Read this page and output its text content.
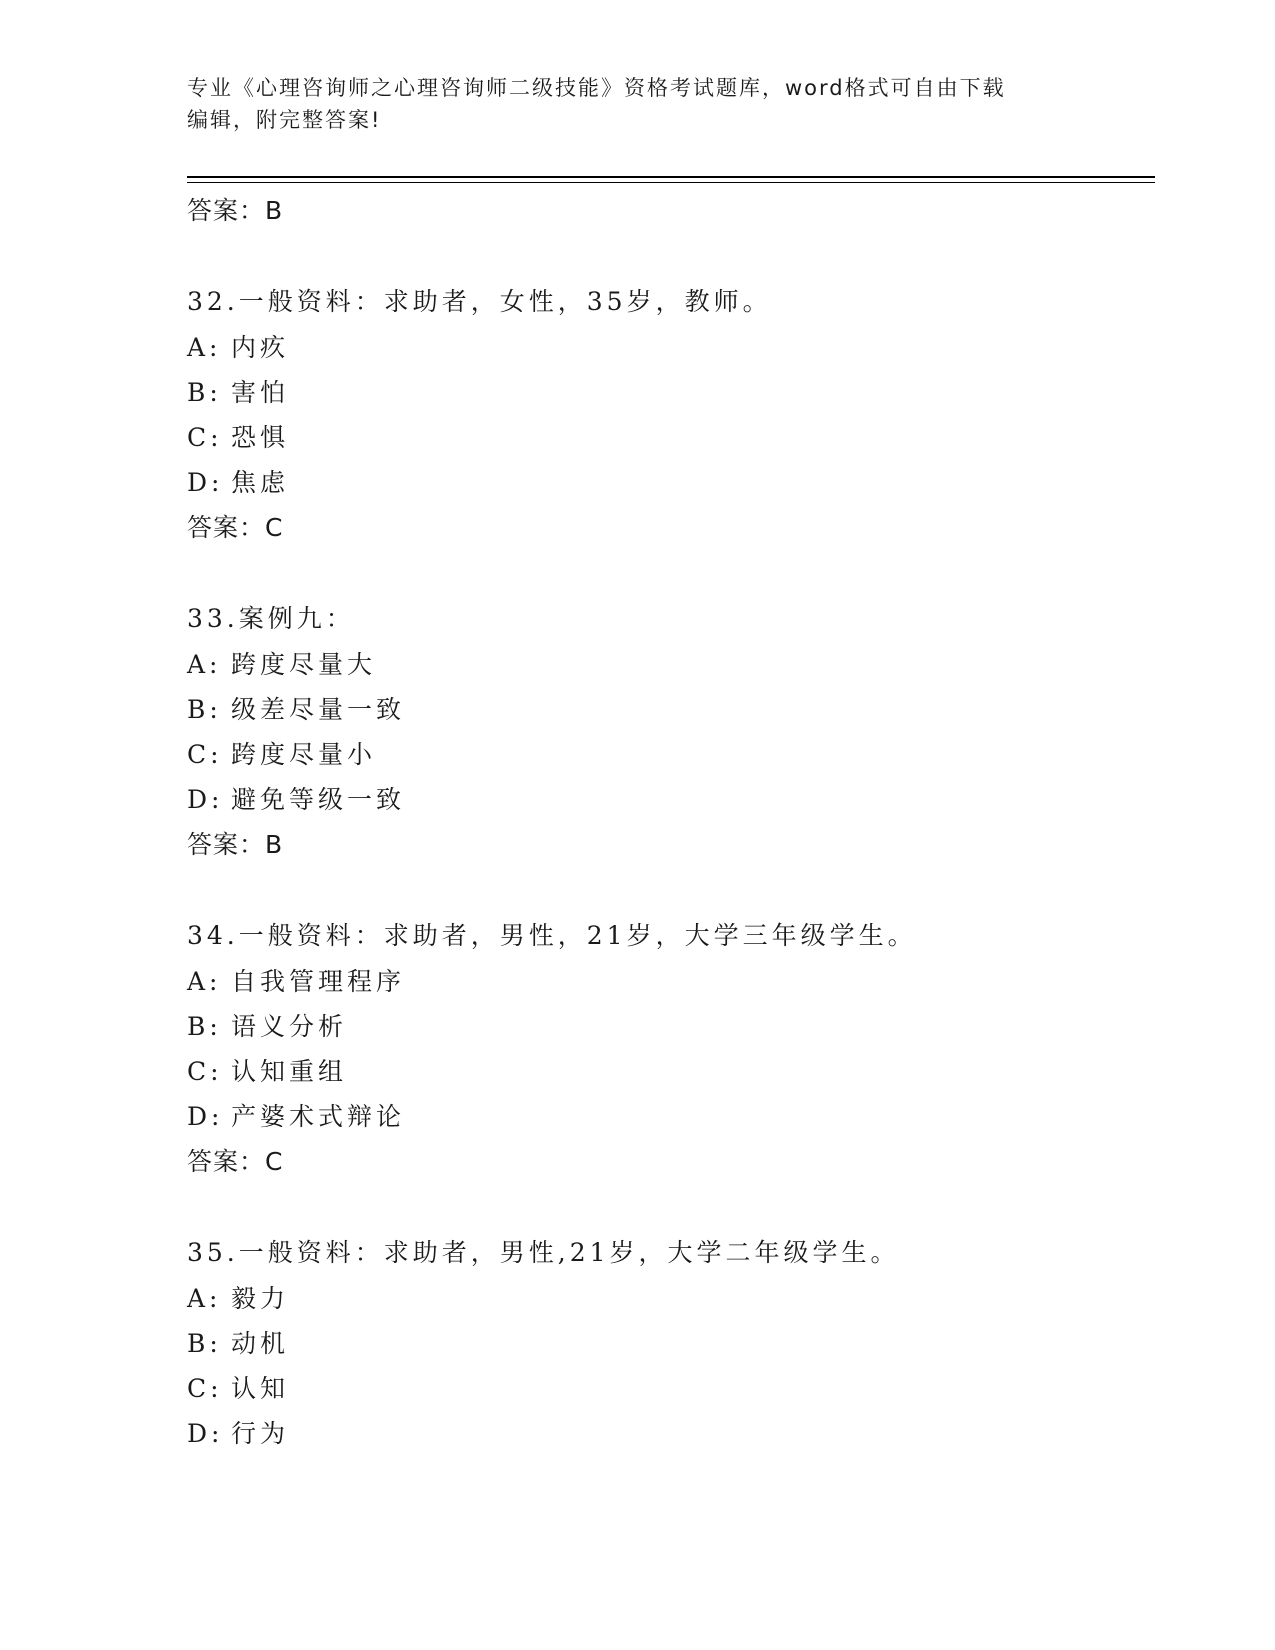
专业《心理咨询师之心理咨询师二级技能》资格考试题库，word格式可自由下载
编辑，附完整答案!
答案：B
32.一般资料：求助者，女性，35岁，教师。
A: 内疚
B: 害怕
C: 恐惧
D: 焦虑
答案：C
33.案例九：
A: 跨度尽量大
B: 级差尽量一致
C: 跨度尽量小
D: 避免等级一致
答案：B
34.一般资料：求助者，男性，21岁，大学三年级学生。
A: 自我管理程序
B: 语义分析
C: 认知重组
D: 产婆术式辩论
答案：C
35.一般资料：求助者，男性,21岁，大学二年级学生。
A: 毅力
B: 动机
C: 认知
D: 行为
